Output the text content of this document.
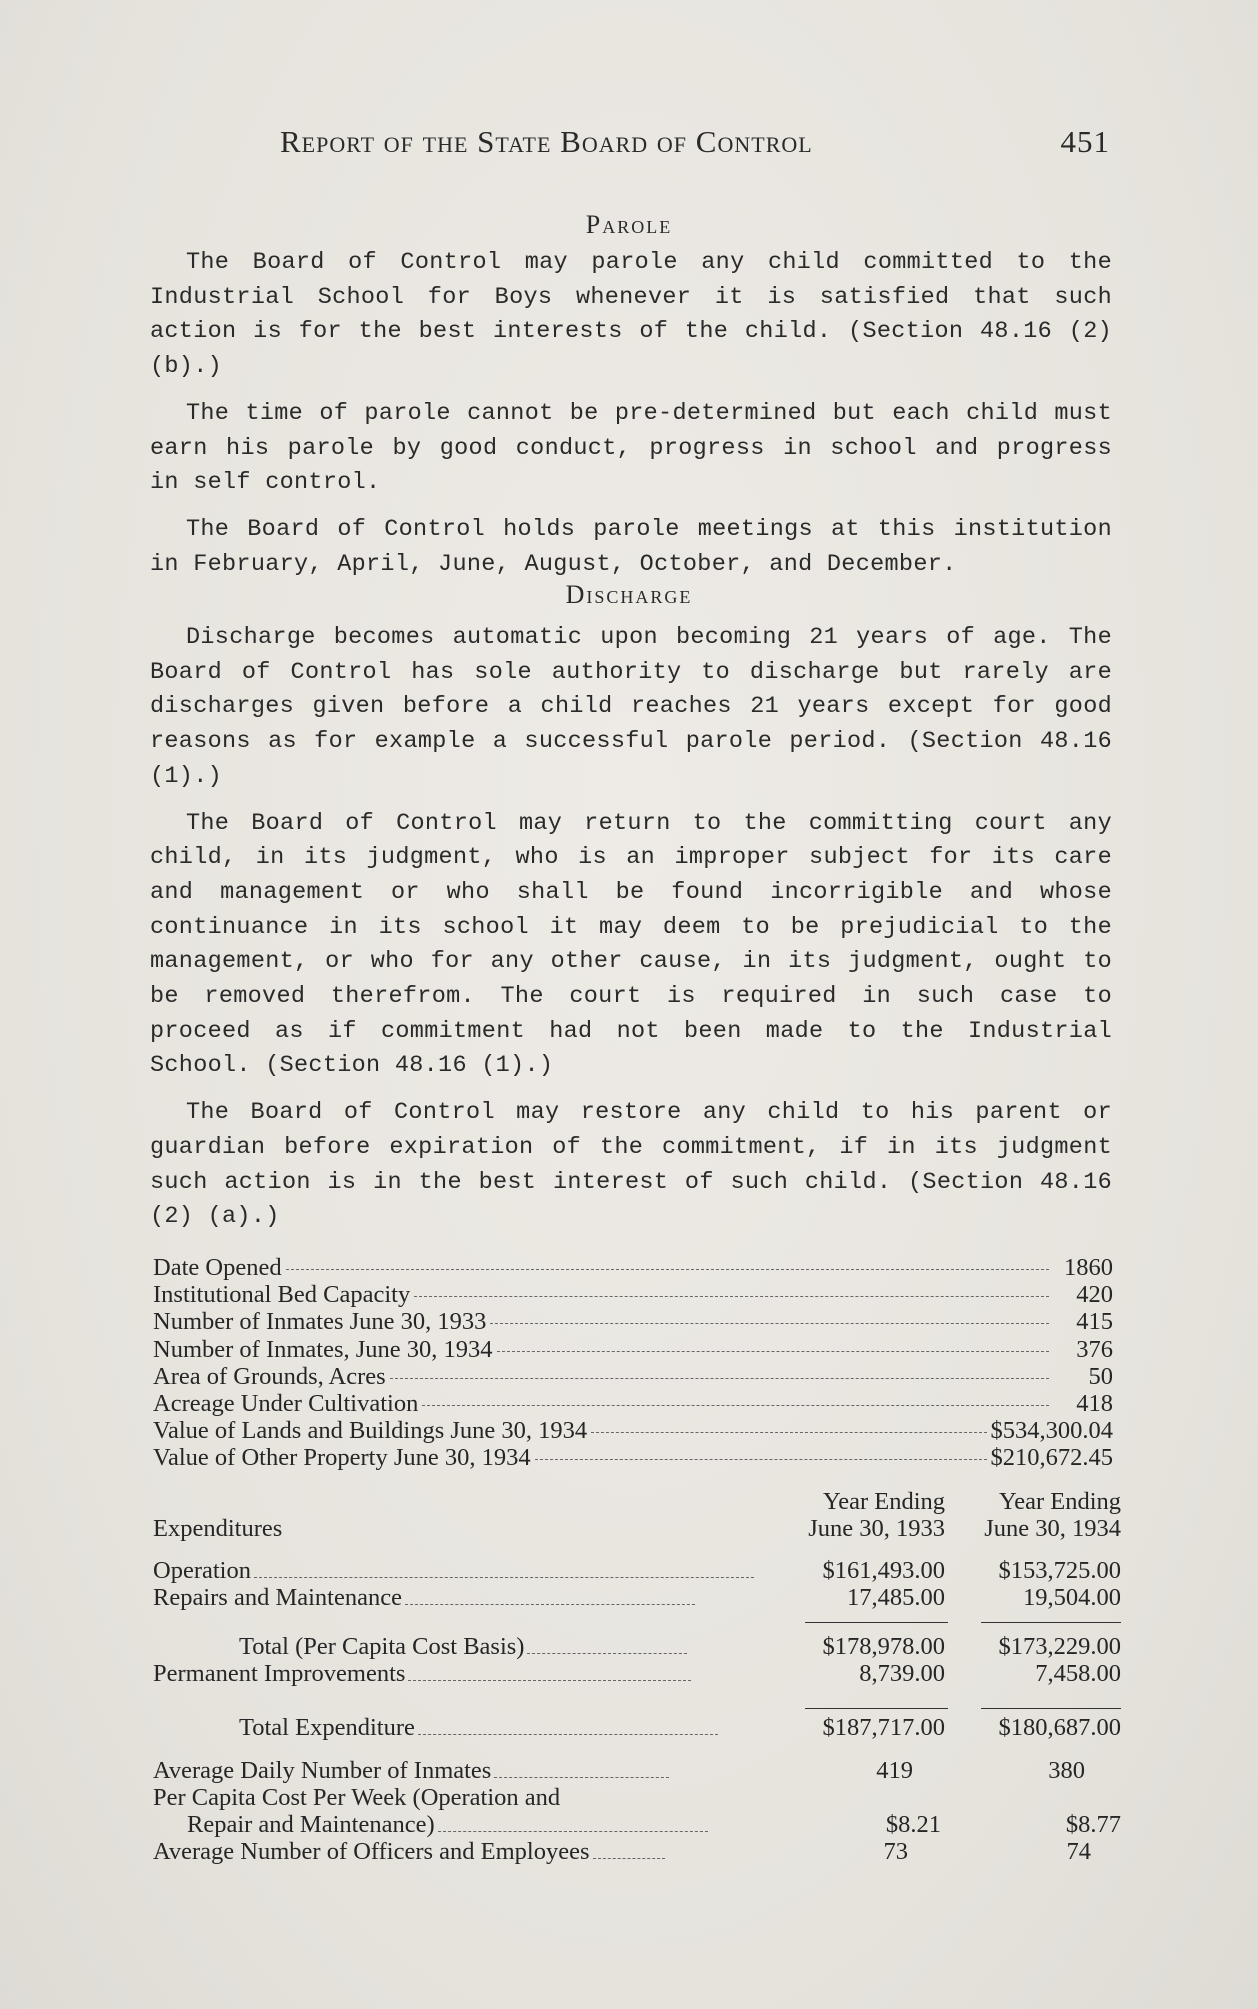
Report of the State Board of Control	451
Parole

The Board of Control may parole any child committed to the Industrial School for Boys whenever it is satisfied that such action is for the best interests of the child. (Section 48.16 (2) (b).)

The time of parole cannot be pre-determined but each child must earn his parole by good conduct, progress in school and progress in self control.

The Board of Control holds parole meetings at this institution in February, April, June, August, October, and December.

Discharge

Discharge becomes automatic upon becoming 21 years of age. The Board of Control has sole authority to discharge but rarely are discharges given before a child reaches 21 years except for good reasons as for example a successful parole period. (Section 48.16 (1).)

The Board of Control may return to the committing court any child, in its judgment, who is an improper subject for its care and management or who shall be found incorrigible and whose continuance in its school it may deem to be prejudicial to the management, or who for any other cause, in its judgment, ought to be removed therefrom. The court is required in such case to proceed as if commitment had not been made to the Industrial School. (Section 48.16 (1).)

The Board of Control may restore any child to his parent or guardian before expiration of the commitment, if in its judgment such action is in the best interest of such child. (Section 48.16 (2) (a).)

Date Opened	1860
Institutional Bed Capacity	420
Number of Inmates June 30, 1933	415
Number of Inmates, June 30, 1934	376
Area of Grounds, Acres	50
Acreage Under Cultivation	418
Value of Lands and Buildings June 30, 1934	$534,300.04
Value of Other Property June 30, 1934	$210,672.45
Year Ending Year Ending
Expenditures	June 30, 1933 June 30, 1934
Operation	$161,493.00 $153,725.00
Repairs and Maintenance	17,485.00	19,504.00
Total (Per Capita Cost Basis)	$178,978.00 $173,229.00
Permanent Improvements	8,739.00	7,458.00
Total Expenditure	$187,717.00 $180,687.00
Average Daily Number of Inmates	419	380
Per Capita Cost Per Week (Operation and
Repair and Maintenance)	$8.21	$8.77
Average Number of Officers and Employees	73	74
